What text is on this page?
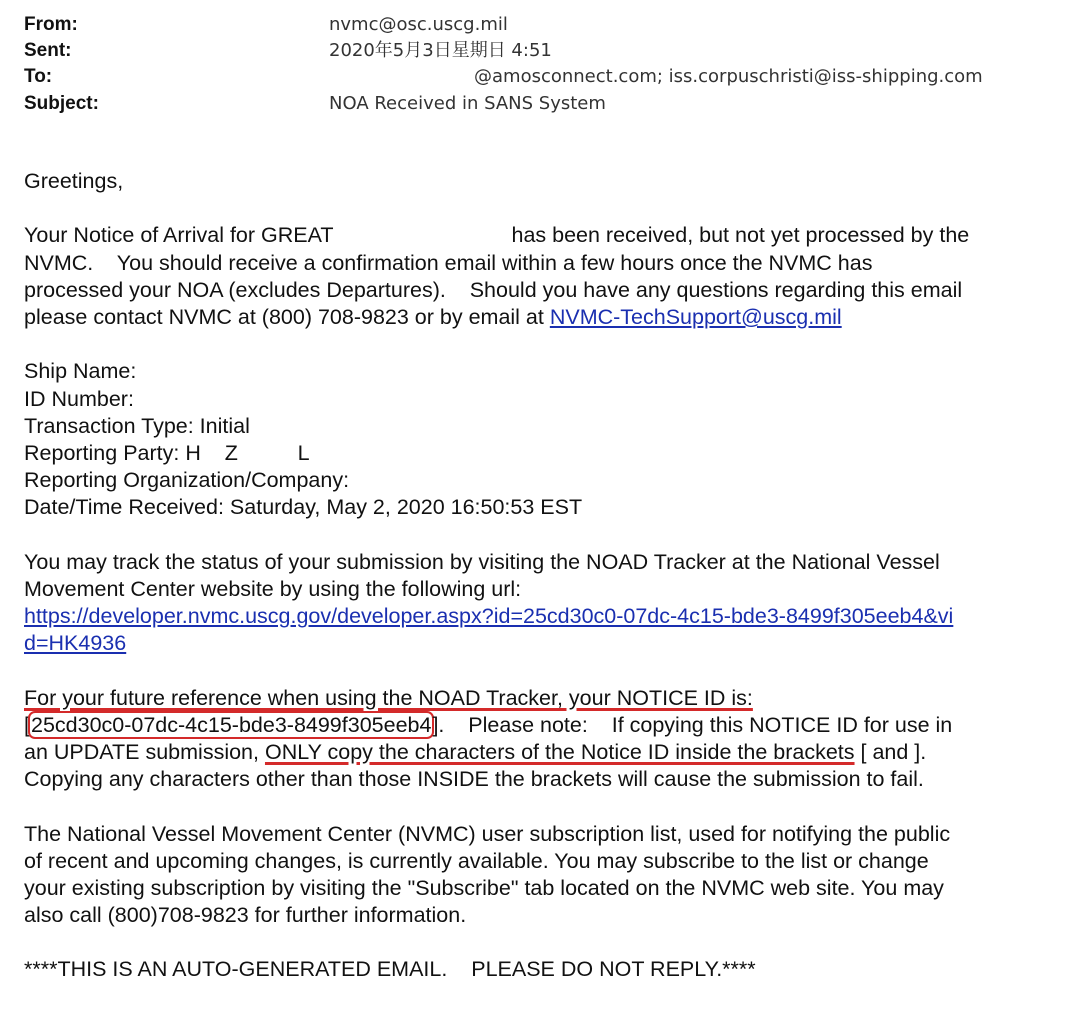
From:	nvmc@osc.uscg.mil
Sent:	2020年5月3日星期日 4:51
To:	@amosconnect.com; iss.corpuschristi@iss-shipping.com
Subject:	NOA Received in SANS System
Greetings,
Your Notice of Arrival for GREAT	has been received, but not yet processed by the
NVMC.    You should receive a confirmation email within a few hours once the NVMC has
processed your NOA (excludes Departures).    Should you have any questions regarding this email
please contact NVMC at (800) 708-9823 or by email at NVMC-TechSupport@uscg.mil
Ship Name:
ID Number:
Transaction Type: Initial
Reporting Party: H    Z          L
Reporting Organization/Company:
Date/Time Received: Saturday, May 2, 2020 16:50:53 EST
You may track the status of your submission by visiting the NOAD Tracker at the National Vessel
Movement Center website by using the following url:
https://developer.nvmc.uscg.gov/developer.aspx?id=25cd30c0-07dc-4c15-bde3-8499f305eeb4&vi
d=HK4936
For your future reference when using the NOAD Tracker, your NOTICE ID is:
[25cd30c0-07dc-4c15-bde3-8499f305eeb4].    Please note:    If copying this NOTICE ID for use in
an UPDATE submission, ONLY copy the characters of the Notice ID inside the brackets [ and ].
Copying any characters other than those INSIDE the brackets will cause the submission to fail.
The National Vessel Movement Center (NVMC) user subscription list, used for notifying the public
of recent and upcoming changes, is currently available. You may subscribe to the list or change
your existing subscription by visiting the "Subscribe" tab located on the NVMC web site. You may
also call (800)708-9823 for further information.
****THIS IS AN AUTO-GENERATED EMAIL.    PLEASE DO NOT REPLY.****
